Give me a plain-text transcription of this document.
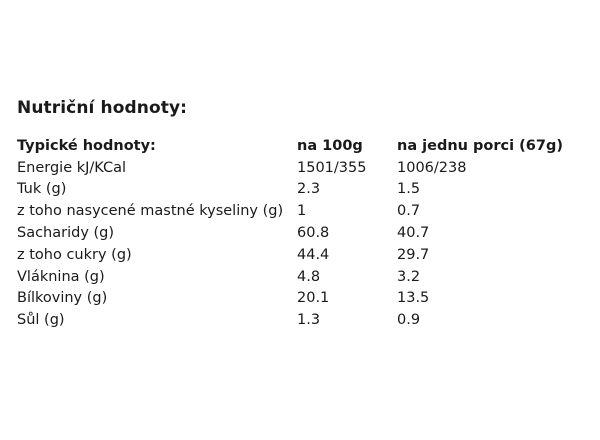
Nutriční hodnoty:
Typické hodnoty:	na 100g	na jednu porci (67g)
Energie kJ/KCal	1501/355	1006/238
Tuk (g)	2.3	1.5
z toho nasycené mastné kyseliny (g)	1	0.7
Sacharidy (g)	60.8	40.7
z toho cukry (g)	44.4	29.7
Vláknina (g)	4.8	3.2
Bílkoviny (g)	20.1	13.5
Sůl (g)	1.3	0.9
